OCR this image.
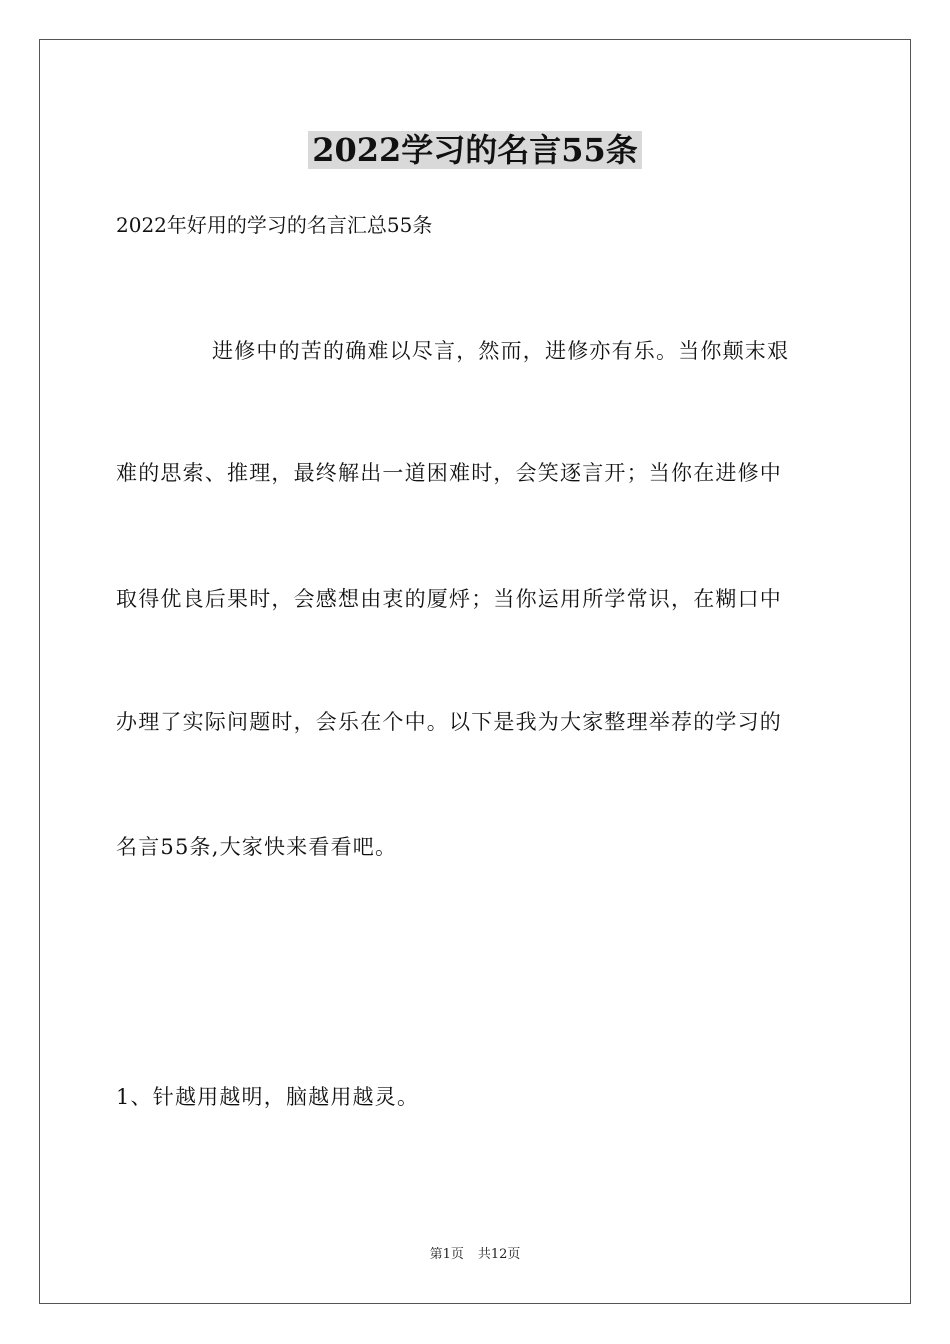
2022学习的名言55条
2022年好用的学习的名言汇总55条
进修中的苦的确难以尽言，然而，进修亦有乐。当你颠末艰
难的思索、推理，最终解出一道困难时，会笑逐言开；当你在进修中
取得优良后果时，会感想由衷的厦烀；当你运用所学常识，在糊口中
办理了实际问题时，会乐在个中。以下是我为大家整理举荐的学习的
名言55条,大家快来看看吧。
1、针越用越明，脑越用越灵。
第1页 共12页
